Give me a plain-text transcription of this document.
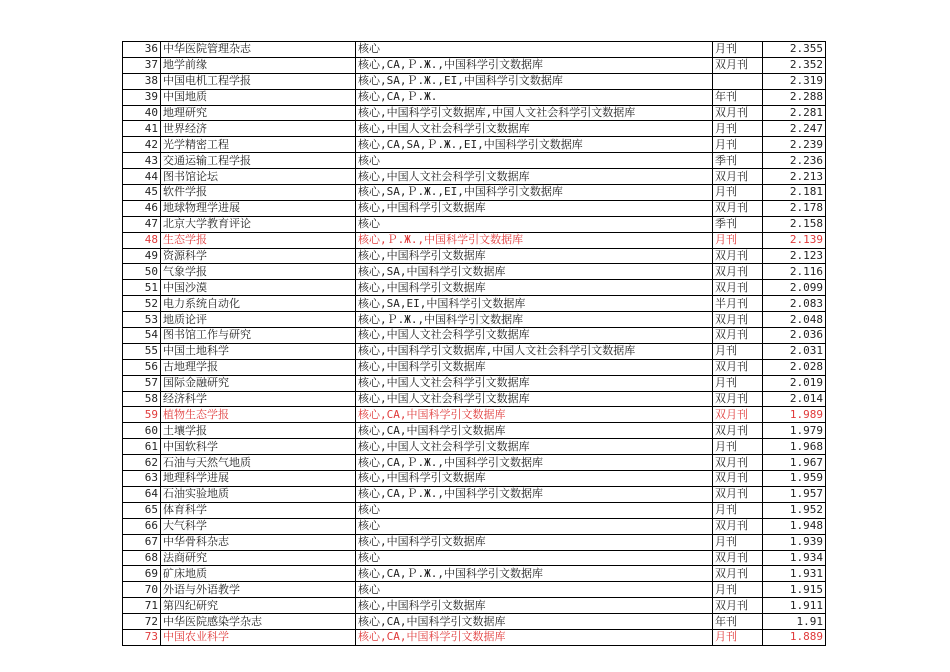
36	中华医院管理杂志	核心	月刊	2.355
37	地学前缘	核心,CA,Ｐ.Ж.,中国科学引文数据库	双月刊	2.352
38	中国电机工程学报	核心,SA,Ｐ.Ж.,EI,中国科学引文数据库		2.319
39	中国地质	核心,CA,Ｐ.Ж.	年刊	2.288
40	地理研究	核心,中国科学引文数据库,中国人文社会科学引文数据库	双月刊	2.281
41	世界经济	核心,中国人文社会科学引文数据库	月刊	2.247
42	光学精密工程	核心,CA,SA,Ｐ.Ж.,EI,中国科学引文数据库	月刊	2.239
43	交通运输工程学报	核心	季刊	2.236
44	图书馆论坛	核心,中国人文社会科学引文数据库	双月刊	2.213
45	软件学报	核心,SA,Ｐ.Ж.,EI,中国科学引文数据库	月刊	2.181
46	地球物理学进展	核心,中国科学引文数据库	双月刊	2.178
47	北京大学教育评论	核心	季刊	2.158
48	生态学报	核心,Ｐ.Ж.,中国科学引文数据库	月刊	2.139
49	资源科学	核心,中国科学引文数据库	双月刊	2.123
50	气象学报	核心,SA,中国科学引文数据库	双月刊	2.116
51	中国沙漠	核心,中国科学引文数据库	双月刊	2.099
52	电力系统自动化	核心,SA,EI,中国科学引文数据库	半月刊	2.083
53	地质论评	核心,Ｐ.Ж.,中国科学引文数据库	双月刊	2.048
54	图书馆工作与研究	核心,中国人文社会科学引文数据库	双月刊	2.036
55	中国土地科学	核心,中国科学引文数据库,中国人文社会科学引文数据库	月刊	2.031
56	古地理学报	核心,中国科学引文数据库	双月刊	2.028
57	国际金融研究	核心,中国人文社会科学引文数据库	月刊	2.019
58	经济科学	核心,中国人文社会科学引文数据库	双月刊	2.014
59	植物生态学报	核心,CA,中国科学引文数据库	双月刊	1.989
60	土壤学报	核心,CA,中国科学引文数据库	双月刊	1.979
61	中国软科学	核心,中国人文社会科学引文数据库	月刊	1.968
62	石油与天然气地质	核心,CA,Ｐ.Ж.,中国科学引文数据库	双月刊	1.967
63	地理科学进展	核心,中国科学引文数据库	双月刊	1.959
64	石油实验地质	核心,CA,Ｐ.Ж.,中国科学引文数据库	双月刊	1.957
65	体育科学	核心	月刊	1.952
66	大气科学	核心	双月刊	1.948
67	中华骨科杂志	核心,中国科学引文数据库	月刊	1.939
68	法商研究	核心	双月刊	1.934
69	矿床地质	核心,CA,Ｐ.Ж.,中国科学引文数据库	双月刊	1.931
70	外语与外语教学	核心	月刊	1.915
71	第四纪研究	核心,中国科学引文数据库	双月刊	1.911
72	中华医院感染学杂志	核心,CA,中国科学引文数据库	年刊	1.91
73	中国农业科学	核心,CA,中国科学引文数据库	月刊	1.889
